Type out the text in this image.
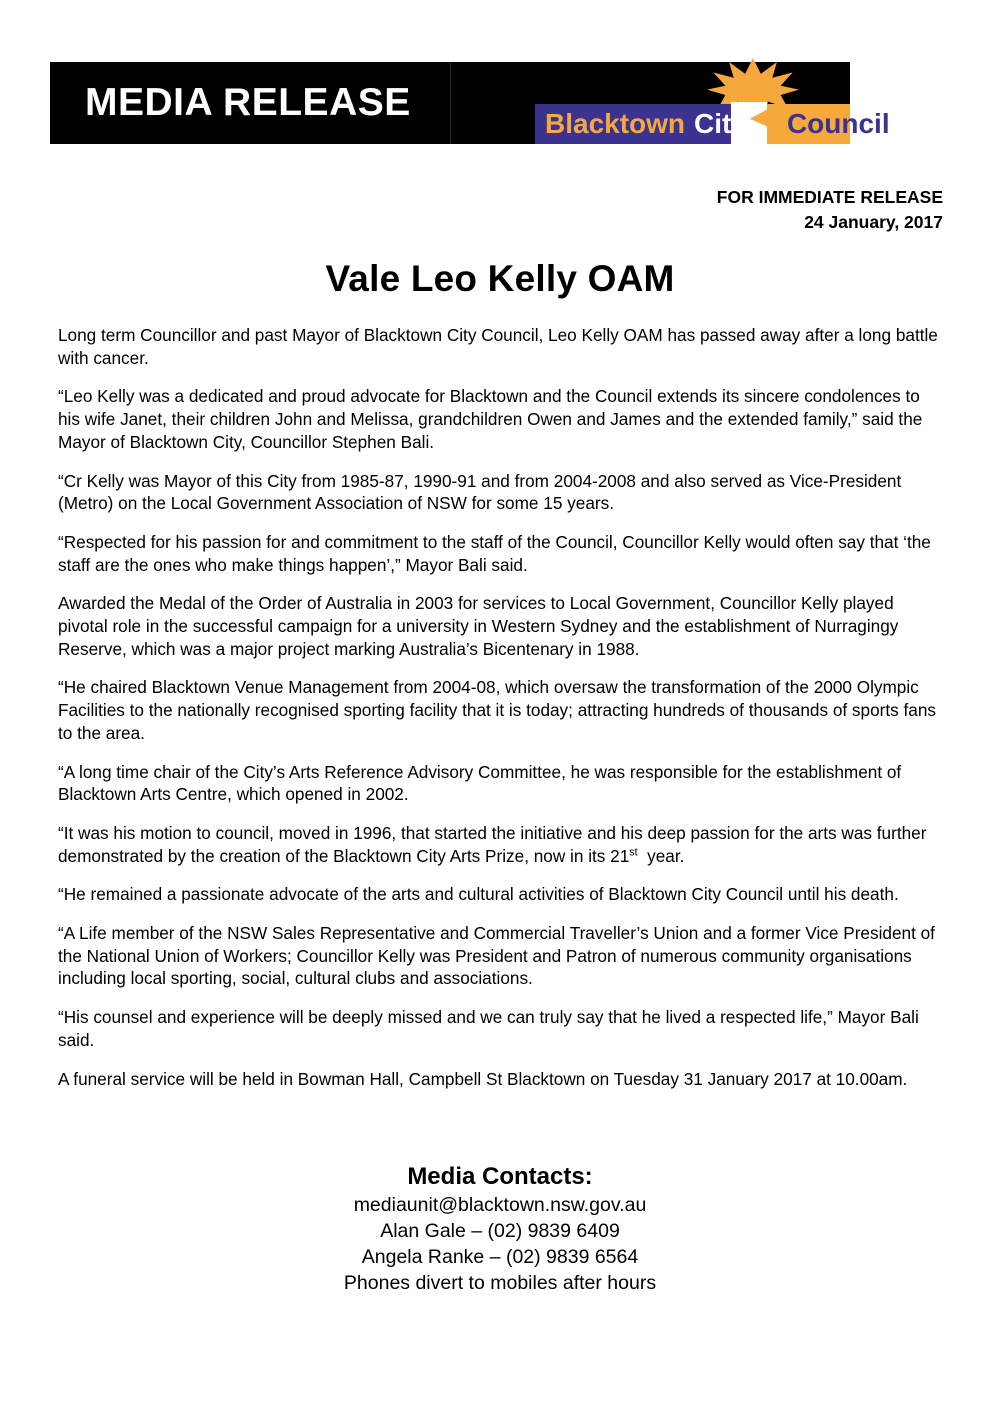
MEDIA RELEASE	Blacktown City	Council
FOR IMMEDIATE RELEASE
24 January, 2017
Vale Leo Kelly OAM

Long term Councillor and past Mayor of Blacktown City Council, Leo Kelly OAM has passed away after a long battle with cancer.

“Leo Kelly was a dedicated and proud advocate for Blacktown and the Council extends its sincere condolences to his wife Janet, their children John and Melissa, grandchildren Owen and James and the extended family,” said the Mayor of Blacktown City, Councillor Stephen Bali.

“Cr Kelly was Mayor of this City from 1985-87, 1990-91 and from 2004-2008 and also served as Vice-President (Metro) on the Local Government Association of NSW for some 15 years.

“Respected for his passion for and commitment to the staff of the Council, Councillor Kelly would often say that ‘the staff are the ones who make things happen’,” Mayor Bali said.

Awarded the Medal of the Order of Australia in 2003 for services to Local Government, Councillor Kelly played pivotal role in the successful campaign for a university in Western Sydney and the establishment of Nurragingy Reserve, which was a major project marking Australia’s Bicentenary in 1988.

“He chaired Blacktown Venue Management from 2004-08, which oversaw the transformation of the 2000 Olympic Facilities to the nationally recognised sporting facility that it is today; attracting hundreds of thousands of sports fans to the area.

“A long time chair of the City’s Arts Reference Advisory Committee, he was responsible for the establishment of Blacktown Arts Centre, which opened in 2002.

“It was his motion to council, moved in 1996, that started the initiative and his deep passion for the arts was further demonstrated by the creation of the Blacktown City Arts Prize, now in its 21st  year.

“He remained a passionate advocate of the arts and cultural activities of Blacktown City Council until his death.

“A Life member of the NSW Sales Representative and Commercial Traveller’s Union and a former Vice President of the National Union of Workers; Councillor Kelly was President and Patron of numerous community organisations including local sporting, social, cultural clubs and associations.

“His counsel and experience will be deeply missed and we can truly say that he lived a respected life,” Mayor Bali said.

A funeral service will be held in Bowman Hall, Campbell St Blacktown on Tuesday 31 January 2017 at 10.00am.

Media Contacts:
mediaunit@blacktown.nsw.gov.au
Alan Gale – (02) 9839 6409
Angela Ranke – (02) 9839 6564
Phones divert to mobiles after hours
